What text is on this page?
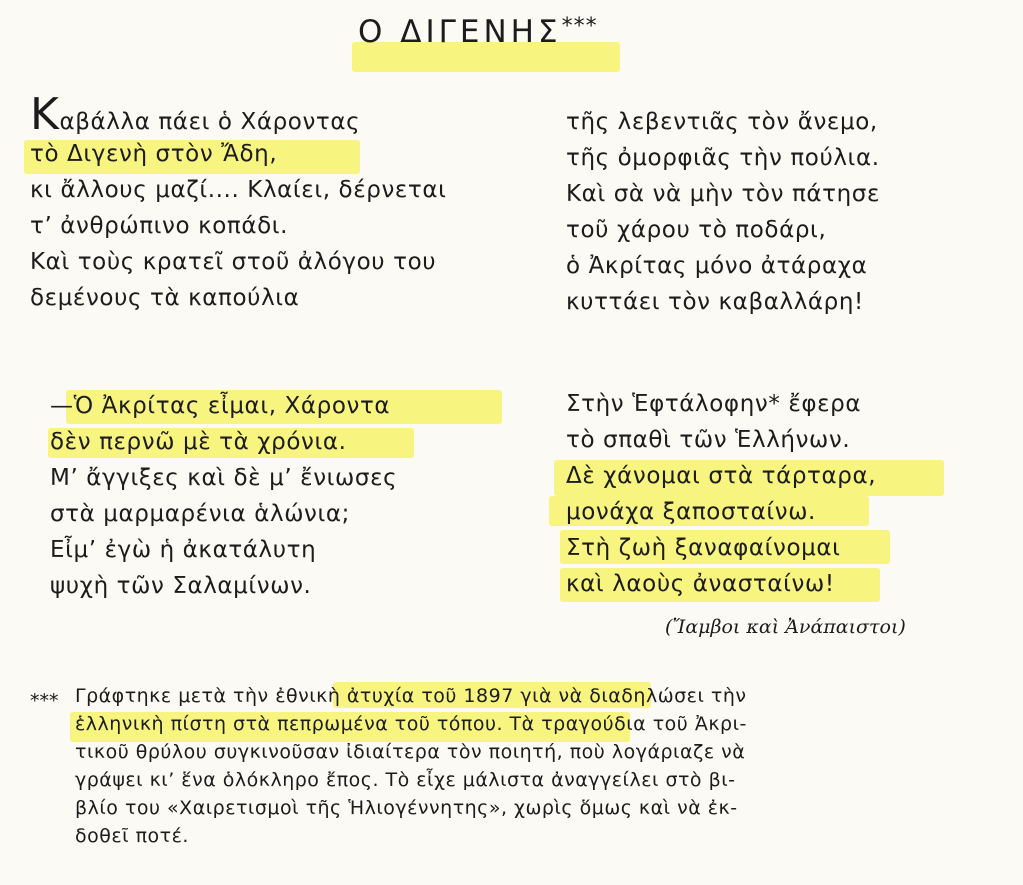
Ο ΔΙΓΕΝΗΣ***
Καβάλλα πάει ὁ Χάροντας
τὸ Διγενὴ στὸν Ἄδη,
κι ἄλλους μαζί.... Κλαίει, δέρνεται
τ’ ἀνθρώπινο κοπάδι.
Καὶ τοὺς κρατεῖ στοῦ ἀλόγου του
δεμένους τὰ καπούλια
τῆς λεβεντιᾶς τὸν ἄνεμο,
τῆς ὀμορφιᾶς τὴν πούλια.
Καὶ σὰ νὰ μὴν τὸν πάτησε
τοῦ χάρου τὸ ποδάρι,
ὁ Ἀκρίτας μόνο ἀτάραχα
κυττάει τὸν καβαλλάρη!
—Ὁ Ἀκρίτας εἶμαι, Χάροντα
δὲν περνῶ μὲ τὰ χρόνια.
Μ’ ἄγγιξες καὶ δὲ μ’ ἔνιωσες
στὰ μαρμαρένια ἁλώνια;
Εἶμ’ ἐγὼ ἡ ἀκατάλυτη
ψυχὴ τῶν Σαλαμίνων.
Στὴν Ἑφτάλοφην* ἔφερα
τὸ σπαθὶ τῶν Ἑλλήνων.
Δὲ χάνομαι στὰ τάρταρα,
μονάχα ξαποσταίνω.
Στὴ ζωὴ ξαναφαίνομαι
καὶ λαοὺς ἀνασταίνω!
(Ἴαμβοι καὶ Ἀνάπαιστοι)
*** Γράφτηκε μετὰ τὴν ἐθνικὴ ἀτυχία τοῦ 1897 γιὰ νὰ διαδηλώσει τὴν
ἑλληνικὴ πίστη στὰ πεπρωμένα τοῦ τόπου. Τὰ τραγούδια τοῦ Ἀκρι-
τικοῦ θρύλου συγκινοῦσαν ἰδιαίτερα τὸν ποιητή, ποὺ λογάριαζε νὰ
γράψει κι’ ἕνα ὁλόκληρο ἔπος. Τὸ εἶχε μάλιστα ἀναγγείλει στὸ βι-
βλίο του «Χαιρετισμοὶ τῆς Ἡλιογέννητης», χωρὶς ὅμως καὶ νὰ ἐκ-
δοθεῖ ποτέ.
